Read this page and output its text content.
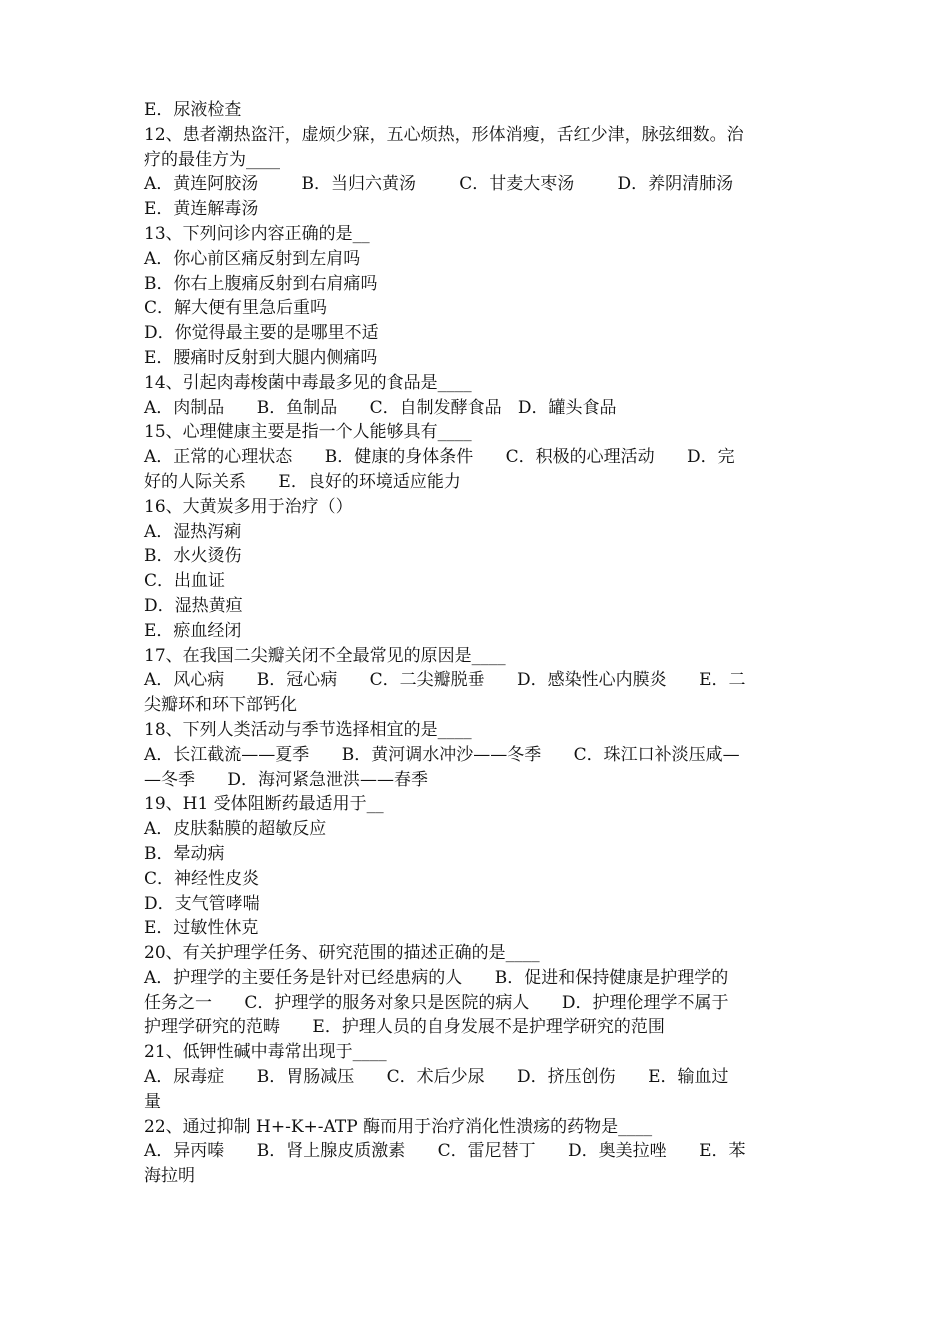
E．尿液检查
12、患者潮热盗汗，虚烦少寐，五心烦热，形体消瘦，舌红少津，脉弦细数。治
疗的最佳方为____
A．黄连阿胶汤        B．当归六黄汤        C．甘麦大枣汤        D．养阴清肺汤
E．黄连解毒汤
13、下列问诊内容正确的是__
A．你心前区痛反射到左肩吗
B．你右上腹痛反射到右肩痛吗
C．解大便有里急后重吗
D．你觉得最主要的是哪里不适
E．腰痛时反射到大腿内侧痛吗
14、引起肉毒梭菌中毒最多见的食品是____
A．肉制品      B．鱼制品      C．自制发酵食品   D．罐头食品
15、心理健康主要是指一个人能够具有____
A．正常的心理状态      B．健康的身体条件      C．积极的心理活动      D．完
好的人际关系      E．良好的环境适应能力
16、大黄炭多用于治疗（）
A．湿热泻痢
B．水火烫伤
C．出血证
D．湿热黄疸
E．瘀血经闭
17、在我国二尖瓣关闭不全最常见的原因是____
A．风心病      B．冠心病      C．二尖瓣脱垂      D．感染性心内膜炎      E．二
尖瓣环和环下部钙化
18、下列人类活动与季节选择相宜的是____
A．长江截流——夏季      B．黄河调水冲沙——冬季      C．珠江口补淡压咸—
—冬季      D．海河紧急泄洪——春季
19、H1 受体阻断药最适用于__
A．皮肤黏膜的超敏反应
B．晕动病
C．神经性皮炎
D．支气管哮喘
E．过敏性休克
20、有关护理学任务、研究范围的描述正确的是____
A．护理学的主要任务是针对已经患病的人      B．促进和保持健康是护理学的
任务之一      C．护理学的服务对象只是医院的病人      D．护理伦理学不属于
护理学研究的范畴      E．护理人员的自身发展不是护理学研究的范围
21、低钾性碱中毒常出现于____
A．尿毒症      B．胃肠减压      C．术后少尿      D．挤压创伤      E．输血过
量
22、通过抑制 H+-K+-ATP 酶而用于治疗消化性溃疡的药物是____
A．异丙嗪      B．肾上腺皮质激素      C．雷尼替丁      D．奥美拉唑      E．苯
海拉明
